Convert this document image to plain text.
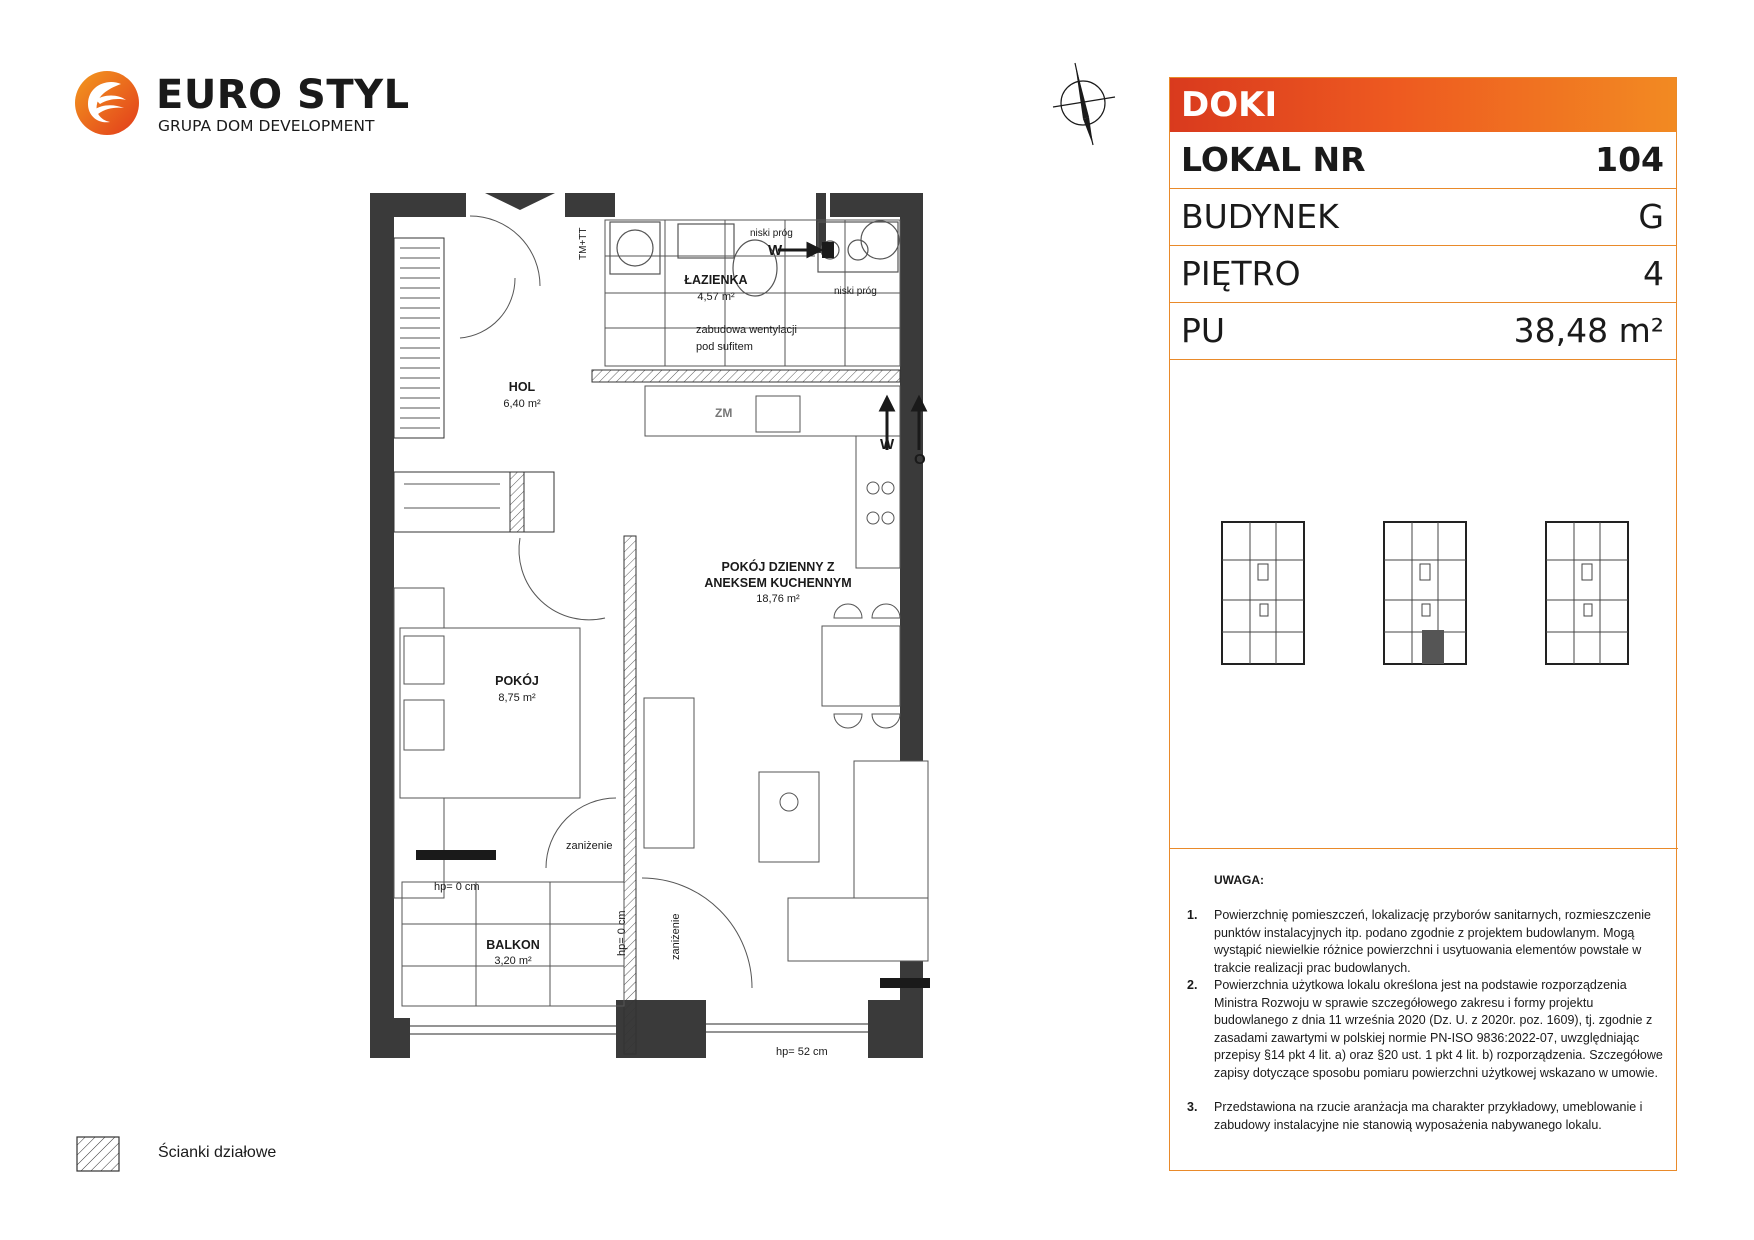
EURO STYL
GRUPA DOM DEVELOPMENT
HOL
6,40 m²
ŁAZIENKA
4,57 m²
POKÓJ DZIENNY Z
ANEKSEM KUCHENNYM
18,76 m²
POKÓJ
8,75 m²
BALKON
3,20 m²
niski próg
niski próg
TM+TT
zabudowa wentylacji
pod sufitem
ZM
W
W
O
zaniżenie
zaniżenie
hp= 0 cm
hp= 0 cm
hp= 52 cm
DOKI
LOKAL NR	104
BUDYNEK	G
PIĘTRO	4
PU	38,48 m²
UWAGA:
1. Powierzchnię pomieszczeń, lokalizację przyborów sanitarnych, rozmieszczenie punktów instalacyjnych itp. podano zgodnie z projektem budowlanym. Mogą wystąpić niewielkie różnice powierzchni i usytuowania elementów powstałe w trakcie realizacji prac budowlanych.
2. Powierzchnia użytkowa lokalu określona jest na podstawie rozporządzenia Ministra Rozwoju w sprawie szczegółowego zakresu i formy projektu budowlanego z dnia 11 września 2020 (Dz. U. z 2020r. poz. 1609), tj. zgodnie z zasadami zawartymi w polskiej normie PN-ISO 9836:2022-07, uwzględniając przepisy §14 pkt 4 lit. a) oraz §20 ust. 1 pkt 4 lit. b) rozporządzenia. Szczegółowe zapisy dotyczące sposobu pomiaru powierzchni użytkowej wskazano w umowie.
3. Przedstawiona na rzucie aranżacja ma charakter przykładowy, umeblowanie i zabudowy instalacyjne nie stanowią wyposażenia nabywanego lokalu.
Ścianki działowe
